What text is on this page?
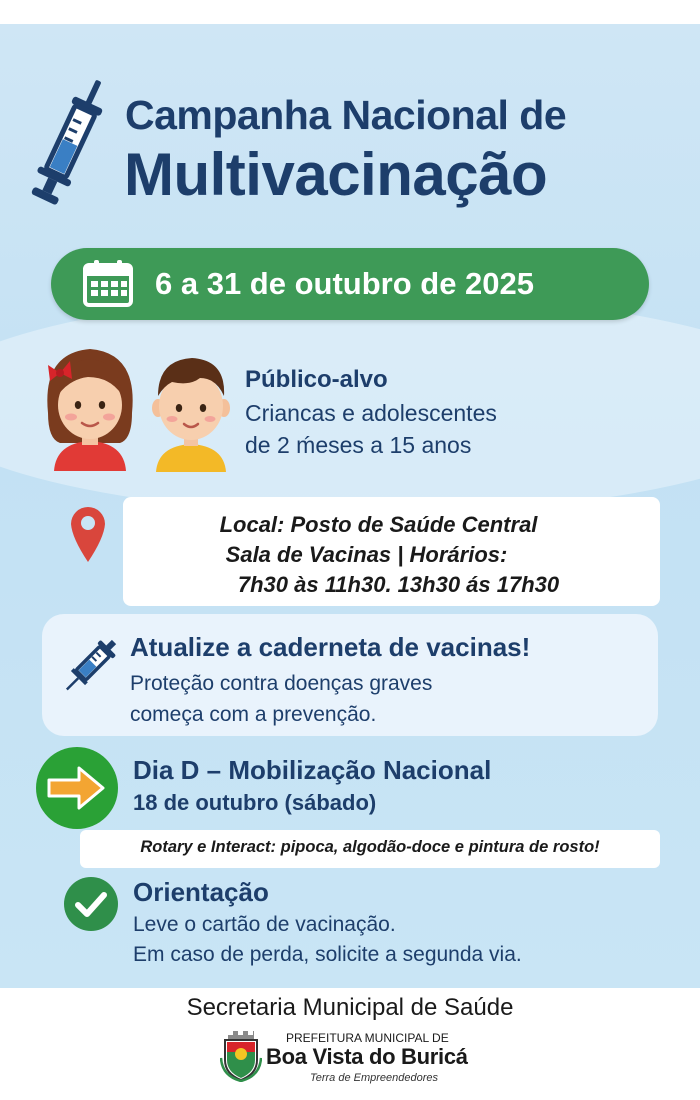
Campanha Nacional de
Multivacinação
6 a 31 de outubro de 2025
Público-alvo
Criancas e adolescentes
de 2 ḿeses a 15 anos
Local: Posto de Saúde Central
Sala de Vacinas | Horários:
7h30 às 11h30. 13h30 ás 17h30
Atualize a caderneta de vacinas!
Proteção contra doenças graves
começa com a prevenção.
Dia D – Mobilização Nacional
18 de outubro (sábado)
Rotary e Interact: pipoca, algodão-doce e pintura de rosto!
Orientação
Leve o cartão de vacinação.
Em caso de perda, solicite a segunda via.
Secretaria Municipal de Saúde
PREFEITURA MUNICIPAL DE
Boa Vista do Buricá
Terra de Empreendedores
